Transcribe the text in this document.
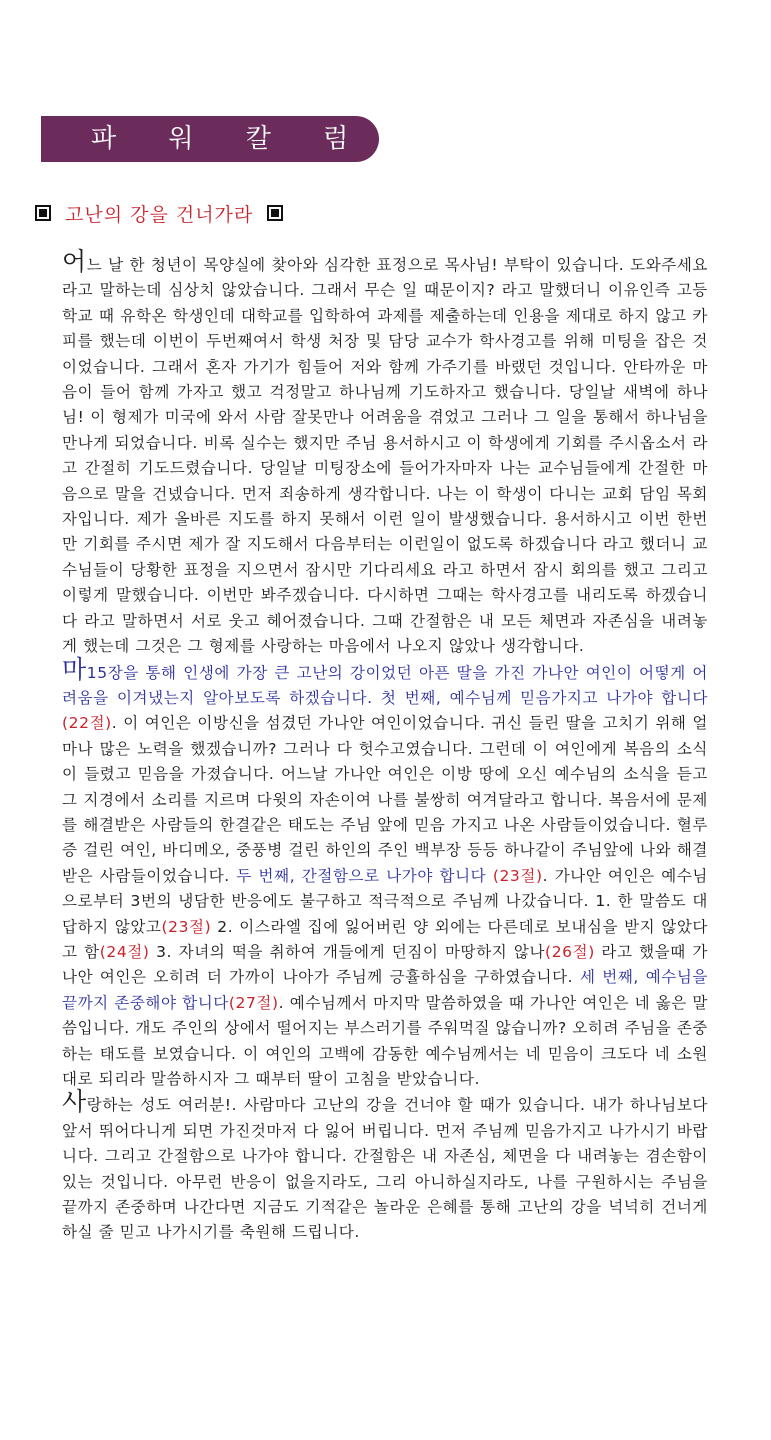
파 워 칼 럼
고난의 강을 건너가라

어느 날 한 청년이 목양실에 찾아와 심각한 표정으로 목사님! 부탁이 있습니다. 도와주세요 라고 말하는데 심상치 않았습니다. 그래서 무슨 일 때문이지? 라고 말했더니 이유인즉 고등학교 때 유학온 학생인데 대학교를 입학하여 과제를 제출하는데 인용을 제대로 하지 않고 카피를 했는데 이번이 두번째여서 학생 처장 및 담당 교수가 학사경고를 위해 미팅을 잡은 것이었습니다. 그래서 혼자 가기가 힘들어 저와 함께 가주기를 바랬던 것입니다. 안타까운 마음이 들어 함께 가자고 했고 걱정말고 하나님께 기도하자고 했습니다. 당일날 새벽에 하나님! 이 형제가 미국에 와서 사람 잘못만나 어려움을 겪었고 그러나 그 일을 통해서 하나님을 만나게 되었습니다. 비록 실수는 했지만 주님 용서하시고 이 학생에게 기회를 주시옵소서 라고 간절히 기도드렸습니다. 당일날 미팅장소에 들어가자마자 나는 교수님들에게 간절한 마음으로 말을 건넸습니다. 먼저 죄송하게 생각합니다. 나는 이 학생이 다니는 교회 담임 목회자입니다. 제가 올바른 지도를 하지 못해서 이런 일이 발생했습니다. 용서하시고 이번 한번만 기회를 주시면 제가 잘 지도해서 다음부터는 이런일이 없도록 하겠습니다 라고 했더니 교수님들이 당황한 표정을 지으면서 잠시만 기다리세요 라고 하면서 잠시 회의를 했고 그리고 이렇게 말했습니다. 이번만 봐주겠습니다. 다시하면 그때는 학사경고를 내리도록 하겠습니다 라고 말하면서 서로 웃고 헤어졌습니다. 그때 간절함은 내 모든 체면과 자존심을 내려놓게 했는데 그것은 그 형제를 사랑하는 마음에서 나오지 않았나 생각합니다.

마15장을 통해 인생에 가장 큰 고난의 강이었던 아픈 딸을 가진 가나안 여인이 어떻게 어려움을 이겨냈는지 알아보도록 하겠습니다. 첫 번째, 예수님께 믿음가지고 나가야 합니다(22절). 이 여인은 이방신을 섬겼던 가나안 여인이었습니다. 귀신 들린 딸을 고치기 위해 얼마나 많은 노력을 했겠습니까? 그러나 다 헛수고였습니다. 그런데 이 여인에게 복음의 소식이 들렸고 믿음을 가졌습니다. 어느날 가나안 여인은 이방 땅에 오신 예수님의 소식을 듣고 그 지경에서 소리를 지르며 다윗의 자손이여 나를 불쌍히 여겨달라고 합니다. 복음서에 문제를 해결받은 사람들의 한결같은 태도는 주님 앞에 믿음 가지고 나온 사람들이었습니다. 혈루증 걸린 여인, 바디메오, 중풍병 걸린 하인의 주인 백부장 등등 하나같이 주님앞에 나와 해결받은 사람들이었습니다. 두 번째, 간절함으로 나가야 합니다 (23절). 가나안 여인은 예수님으로부터 3번의 냉담한 반응에도 불구하고 적극적으로 주님께 나갔습니다. 1. 한 말씀도 대답하지 않았고(23절) 2. 이스라엘 집에 잃어버린 양 외에는 다른데로 보내심을 받지 않았다고 함(24절) 3. 자녀의 떡을 취하여 개들에게 던짐이 마땅하지 않나(26절) 라고 했을때 가나안 여인은 오히려 더 가까이 나아가 주님께 긍휼하심을 구하였습니다. 세 번째, 예수님을 끝까지 존중해야 합니다(27절). 예수님께서 마지막 말씀하였을 때 가나안 여인은 네 옳은 말씀입니다. 개도 주인의 상에서 떨어지는 부스러기를 주워먹질 않습니까? 오히려 주님을 존중하는 태도를 보였습니다. 이 여인의 고백에 감동한 예수님께서는 네 믿음이 크도다 네 소원대로 되리라 말씀하시자 그 때부터 딸이 고침을 받았습니다.

사랑하는 성도 여러분!. 사람마다 고난의 강을 건너야 할 때가 있습니다. 내가 하나님보다 앞서 뛰어다니게 되면 가진것마저 다 잃어 버립니다. 먼저 주님께 믿음가지고 나가시기 바랍니다. 그리고 간절함으로 나가야 합니다. 간절함은 내 자존심, 체면을 다 내려놓는 겸손함이 있는 것입니다. 아무런 반응이 없을지라도, 그리 아니하실지라도, 나를 구원하시는 주님을 끝까지 존중하며 나간다면 지금도 기적같은 놀라운 은혜를 통해 고난의 강을 넉넉히 건너게 하실 줄 믿고 나가시기를 축원해 드립니다.
